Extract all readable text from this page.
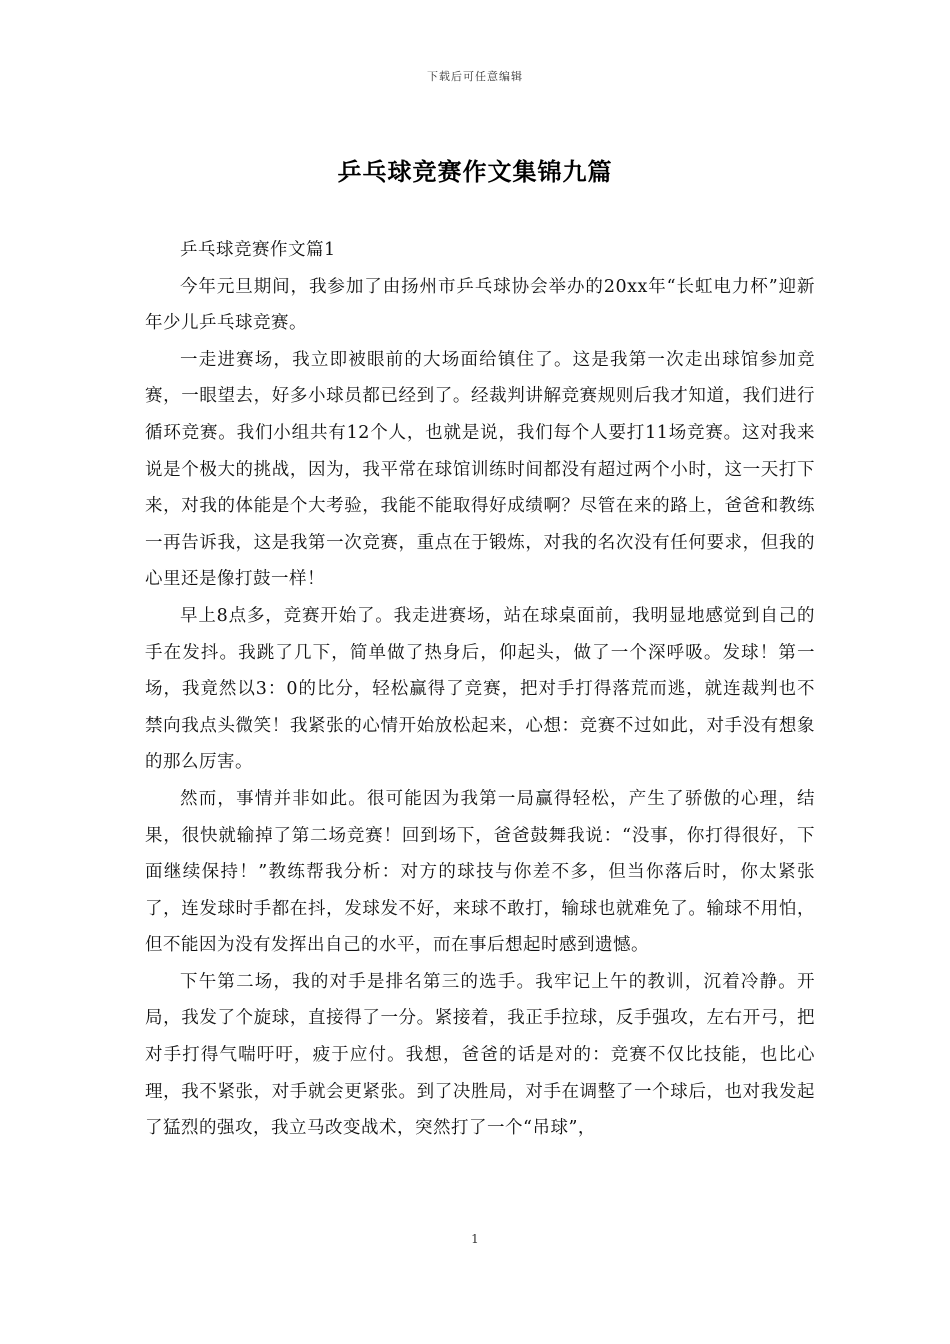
下载后可任意编辑
乒乓球竞赛作文集锦九篇

乒乓球竞赛作文篇1

今年元旦期间，我参加了由扬州市乒乓球协会举办的20xx年“长虹电力杯”迎新年少儿乒乓球竞赛。

一走进赛场，我立即被眼前的大场面给镇住了。这是我第一次走出球馆参加竞赛，一眼望去，好多小球员都已经到了。经裁判讲解竞赛规则后我才知道，我们进行循环竞赛。我们小组共有12个人，也就是说，我们每个人要打11场竞赛。这对我来说是个极大的挑战，因为，我平常在球馆训练时间都没有超过两个小时，这一天打下来，对我的体能是个大考验，我能不能取得好成绩啊？尽管在来的路上，爸爸和教练一再告诉我，这是我第一次竞赛，重点在于锻炼，对我的名次没有任何要求，但我的心里还是像打鼓一样！

早上8点多，竞赛开始了。我走进赛场，站在球桌面前，我明显地感觉到自己的手在发抖。我跳了几下，简单做了热身后，仰起头，做了一个深呼吸。发球！第一场，我竟然以3：0的比分，轻松赢得了竞赛，把对手打得落荒而逃，就连裁判也不禁向我点头微笑！我紧张的心情开始放松起来，心想：竞赛不过如此，对手没有想象的那么厉害。

然而，事情并非如此。很可能因为我第一局赢得轻松，产生了骄傲的心理，结果，很快就输掉了第二场竞赛！回到场下，爸爸鼓舞我说：“没事，你打得很好，下面继续保持！”教练帮我分析：对方的球技与你差不多，但当你落后时，你太紧张了，连发球时手都在抖，发球发不好，来球不敢打，输球也就难免了。输球不用怕，但不能因为没有发挥出自己的水平，而在事后想起时感到遗憾。

下午第二场，我的对手是排名第三的选手。我牢记上午的教训，沉着冷静。开局，我发了个旋球，直接得了一分。紧接着，我正手拉球，反手强攻，左右开弓，把对手打得气喘吁吁，疲于应付。我想，爸爸的话是对的：竞赛不仅比技能，也比心理，我不紧张，对手就会更紧张。到了决胜局，对手在调整了一个球后，也对我发起了猛烈的强攻，我立马改变战术，突然打了一个“吊球”，

1
